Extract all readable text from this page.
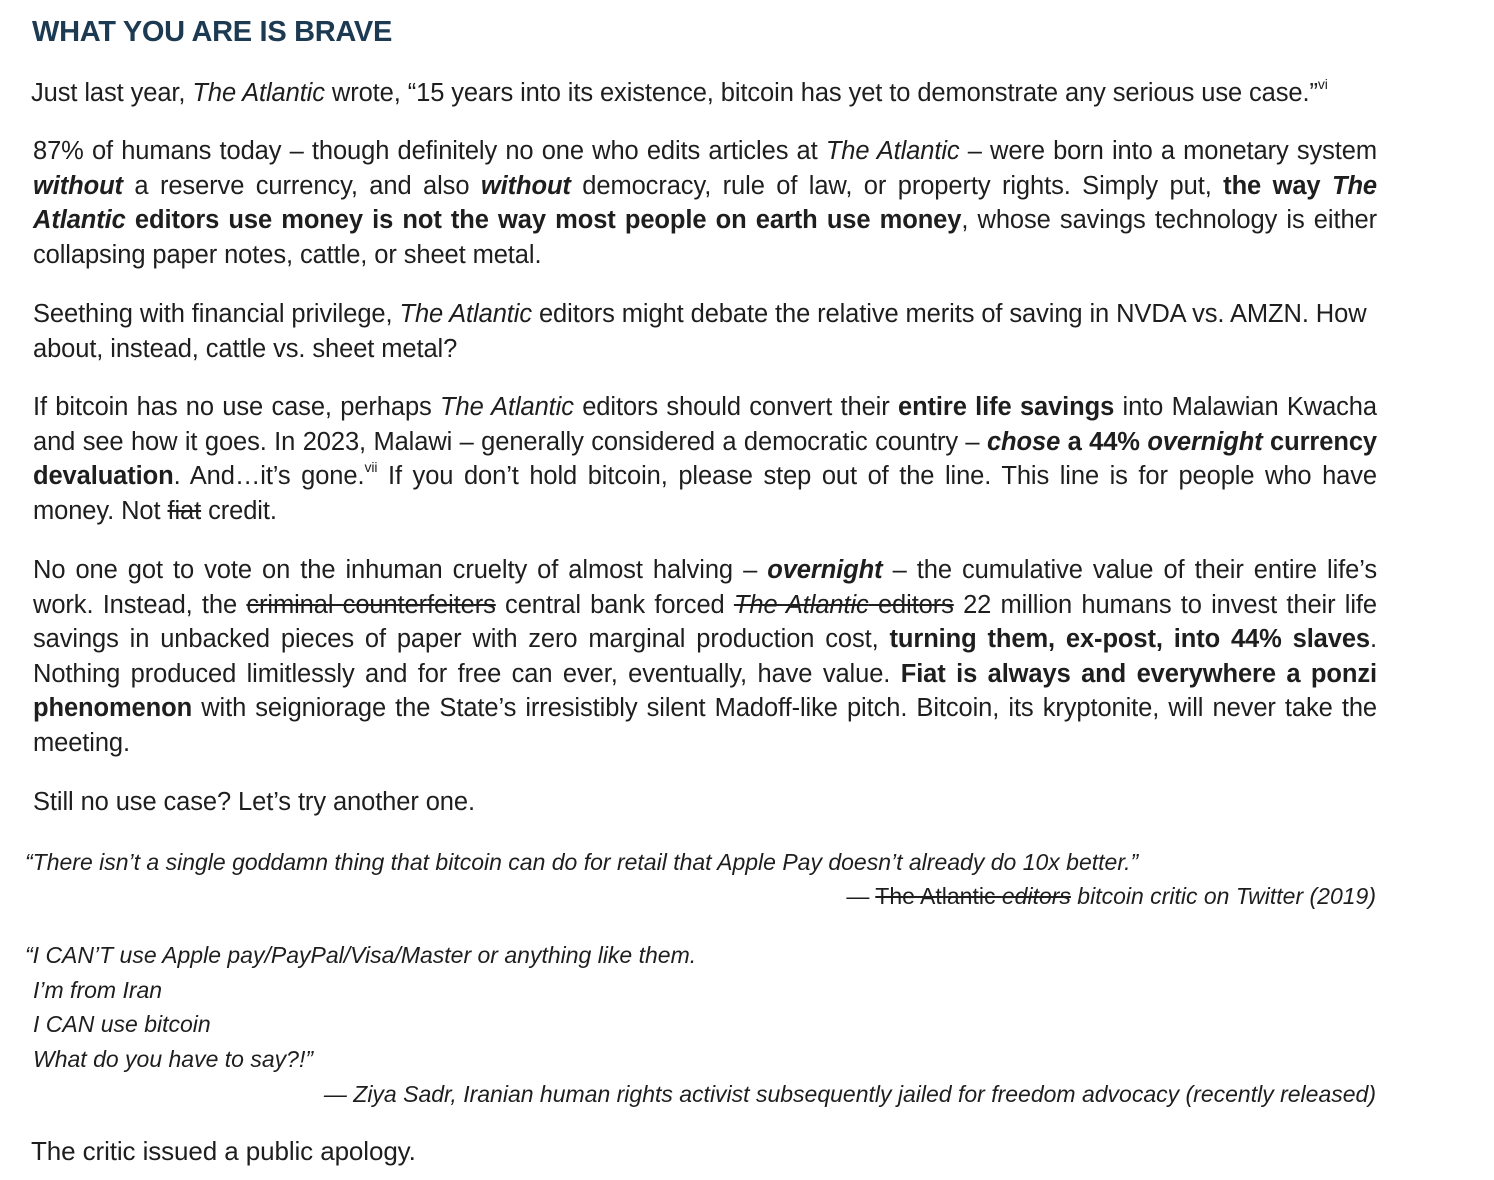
WHAT YOU ARE IS BRAVE

Just last year, The Atlantic wrote, “15 years into its existence, bitcoin has yet to demonstrate any serious use case.”$^{vi}$

87% of humans today – though definitely no one who edits articles at The Atlantic – were born into a monetary system without a reserve currency, and also without democracy, rule of law, or property rights. Simply put, the way The Atlantic editors use money is not the way most people on earth use money, whose savings technology is either collapsing paper notes, cattle, or sheet metal.

Seething with financial privilege, The Atlantic editors might debate the relative merits of saving in NVDA vs. AMZN. How about, instead, cattle vs. sheet metal?

If bitcoin has no use case, perhaps The Atlantic editors should convert their entire life savings into Malawian Kwacha and see how it goes. In 2023, Malawi – generally considered a democratic country – chose a 44% overnight currency devaluation. And…it’s gone.$^{vii}$ If you don’t hold bitcoin, please step out of the line. This line is for people who have money. Not fiat credit.

No one got to vote on the inhuman cruelty of almost halving – overnight – the cumulative value of their entire life’s work. Instead, the criminal counterfeiters central bank forced The Atlantic editors 22 million humans to invest their life savings in unbacked pieces of paper with zero marginal production cost, turning them, ex-post, into 44% slaves. Nothing produced limitlessly and for free can ever, eventually, have value. Fiat is always and everywhere a ponzi phenomenon with seigniorage the State’s irresistibly silent Madoff-like pitch. Bitcoin, its kryptonite, will never take the meeting.

Still no use case? Let’s try another one.

“There isn’t a single goddamn thing that bitcoin can do for retail that Apple Pay doesn’t already do 10x better.”

— The Atlantic editors bitcoin critic on Twitter (2019)

“I CAN’T use Apple pay/PayPal/Visa/Master or anything like them.

I’m from Iran

I CAN use bitcoin

What do you have to say?!”

— Ziya Sadr, Iranian human rights activist subsequently jailed for freedom advocacy (recently released)

The critic issued a public apology.
